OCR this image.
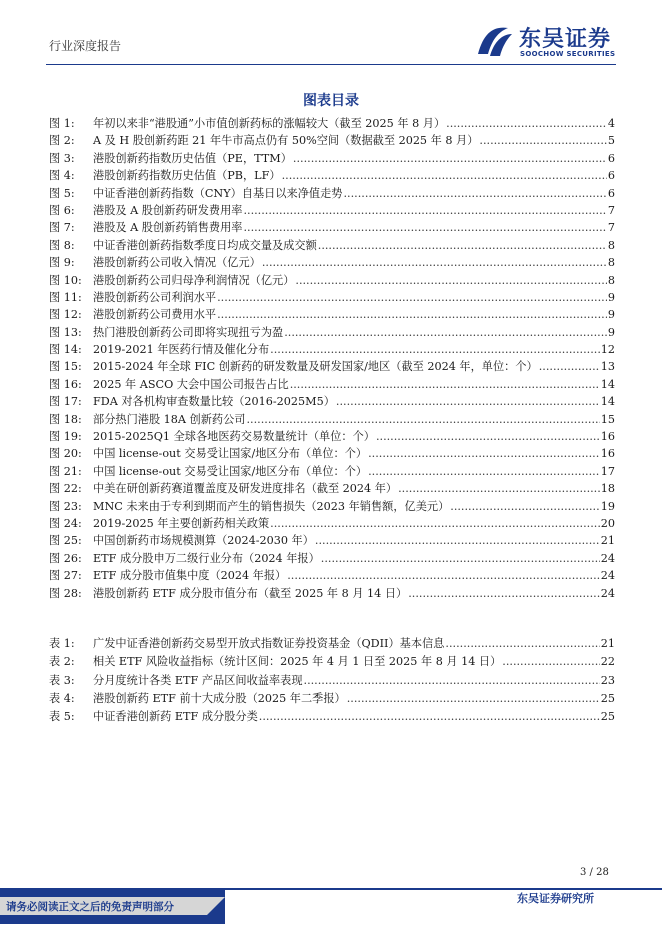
行业深度报告	东吴证券
SOOCHOW SECURITIES
图表目录
图 1:	年初以来非“港股通”小市值创新药标的涨幅较大（截至 2025 年 8 月） .....	4
图 2:	A 及 H 股创新药距 21 年牛市高点仍有 50%空间（数据截至 2025 年 8 月） .....	5
图 3:	港股创新药指数历史估值（PE，TTM） .....	6
图 4:	港股创新药指数历史估值（PB，LF） .....	6
图 5:	中证香港创新药指数（CNY）自基日以来净值走势 .....	6
图 6:	港股及 A 股创新药研发费用率 .....	7
图 7:	港股及 A 股创新药销售费用率 .....	7
图 8:	中证香港创新药指数季度日均成交量及成交额 .....	8
图 9:	港股创新药公司收入情况（亿元） .....	8
图 10:	港股创新药公司归母净利润情况（亿元） .....	8
图 11:	港股创新药公司利润水平 .....	9
图 12:	港股创新药公司费用水平 .....	9
图 13:	热门港股创新药公司即将实现扭亏为盈 .....	9
图 14:	2019-2021 年医药行情及催化分布 .....	12
图 15:	2015-2024 年全球 FIC 创新药的研发数量及研发国家/地区（截至 2024 年，单位：个） .....	13
图 16:	2025 年 ASCO 大会中国公司报告占比 .....	14
图 17:	FDA 对各机构审查数量比较（2016-2025M5） .....	14
图 18:	部分热门港股 18A 创新药公司 .....	15
图 19:	2015-2025Q1 全球各地医药交易数量统计（单位：个） .....	16
图 20:	中国 license-out 交易受让国家/地区分布（单位：个） .....	16
图 21:	中国 license-out 交易受让国家/地区分布（单位：个） .....	17
图 22:	中美在研创新药赛道覆盖度及研发进度排名（截至 2024 年） .....	18
图 23:	MNC 未来由于专利到期而产生的销售损失（2023 年销售额，亿美元） .....	19
图 24:	2019-2025 年主要创新药相关政策 .....	20
图 25:	中国创新药市场规模测算（2024-2030 年） .....	21
图 26:	ETF 成分股申万二级行业分布（2024 年报） .....	24
图 27:	ETF 成分股市值集中度（2024 年报） .....	24
图 28:	港股创新药 ETF 成分股市值分布（截至 2025 年 8 月 14 日） .....	24
表 1:	广发中证香港创新药交易型开放式指数证券投资基金（QDII）基本信息 .....	21
表 2:	相关 ETF 风险收益指标（统计区间：2025 年 4 月 1 日至 2025 年 8 月 14 日） .....	22
表 3:	分月度统计各类 ETF 产品区间收益率表现 .....	23
表 4:	港股创新药 ETF 前十大成分股（2025 年二季报） .....	25
表 5:	中证香港创新药 ETF 成分股分类 .....	25
3 / 28
请务必阅读正文之后的免责声明部分
东吴证券研究所
